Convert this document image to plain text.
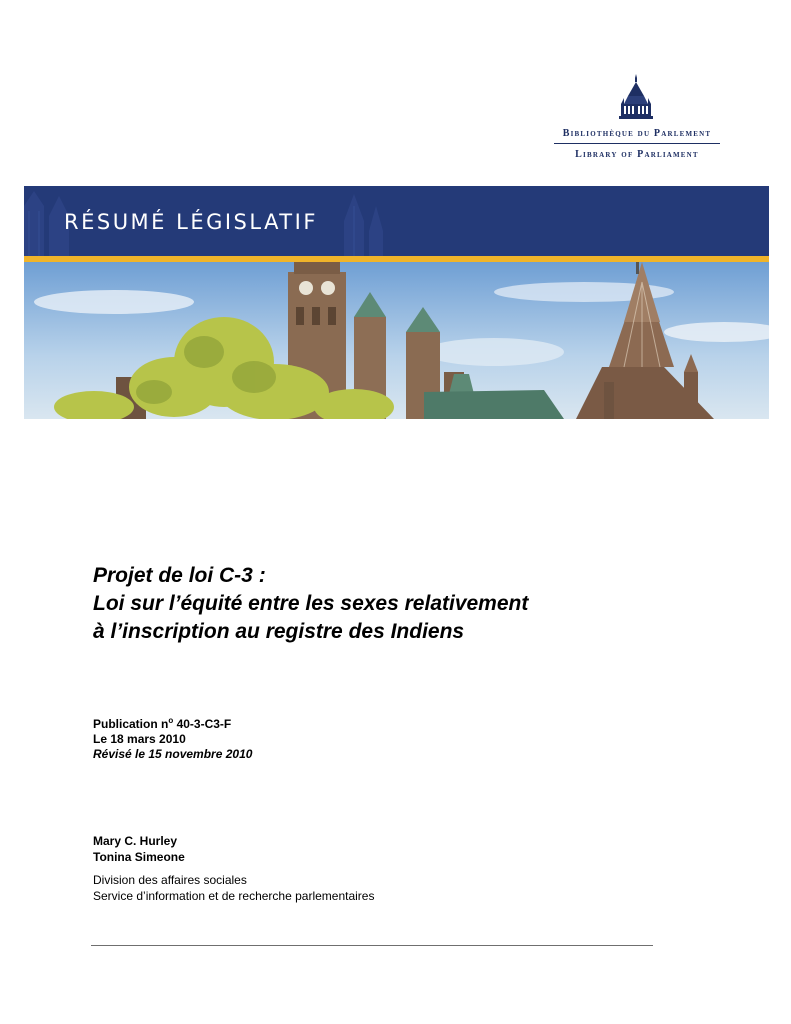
Bibliothèque du Parlement
Library of Parliament
RÉSUMÉ LÉGISLATIF
Projet de loi C-3 :
Loi sur l’équité entre les sexes relativement
à l’inscription au registre des Indiens
Publication $n^o$ 40-3-C3-F
Le 18 mars 2010
Révisé le 15 novembre 2010
Mary C. Hurley
Tonina Simeone
Division des affaires sociales
Service d’information et de recherche parlementaires
